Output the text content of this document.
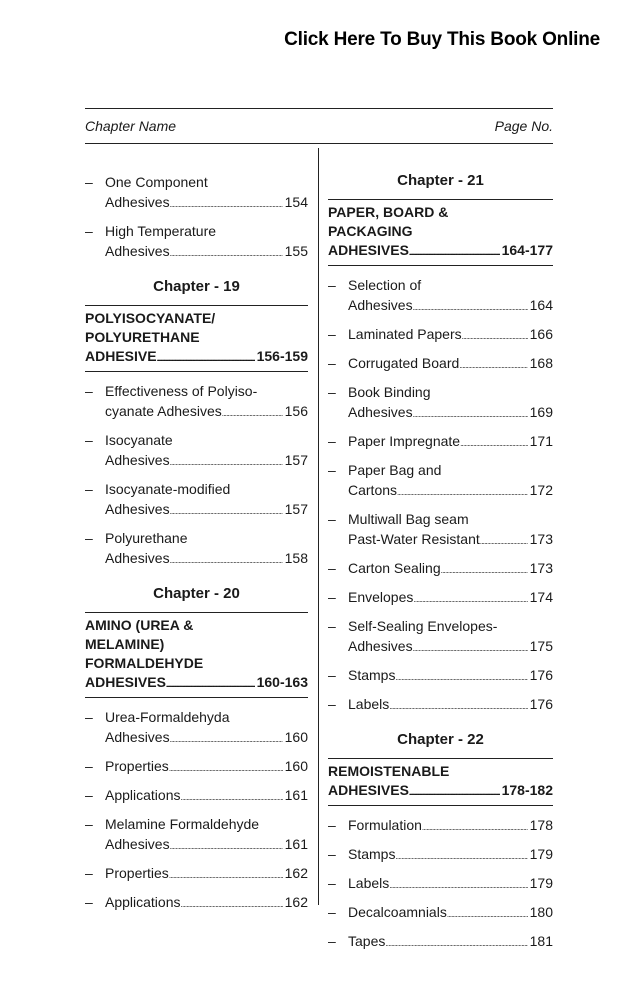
Click Here To Buy This Book Online
Chapter Name	Page No.
– One Component
Adhesives . . .	154
– High Temperature
Adhesives . . .	155
Chapter - 19
POLYISOCYANATE/
POLYURETHANE
ADHESIVE . . .	156-159
– Effectiveness of Polyiso-
cyanate Adhesives . . .	156
– Isocyanate
Adhesives . . .	157
– Isocyanate-modified
Adhesives . . .	157
– Polyurethane
Adhesives . . .	158
Chapter - 20
AMINO (UREA &
MELAMINE)
FORMALDEHYDE
ADHESIVES . . .	160-163
– Urea-Formaldehyda
Adhesives . . .	160
– Properties . . .	160
– Applications . . .	161
– Melamine Formaldehyde
Adhesives . . .	161
– Properties . . .	162
– Applications . . .	162
Chapter - 21
PAPER, BOARD &
PACKAGING
ADHESIVES . . .	164-177
– Selection of
Adhesives . . .	164
– Laminated Papers . . .	166
– Corrugated Board . . .	168
– Book Binding
Adhesives . . .	169
– Paper Impregnate . . .	171
– Paper Bag and
Cartons . . .	172
– Multiwall Bag seam
Past-Water Resistant . . .	173
– Carton Sealing . . .	173
– Envelopes . . .	174
– Self-Sealing Envelopes-
Adhesives . . .	175
– Stamps . . .	176
– Labels . . .	176
Chapter - 22
REMOISTENABLE
ADHESIVES . . .	178-182
– Formulation . . .	178
– Stamps . . .	179
– Labels . . .	179
– Decalcoamnials . . .	180
– Tapes . . .	181
